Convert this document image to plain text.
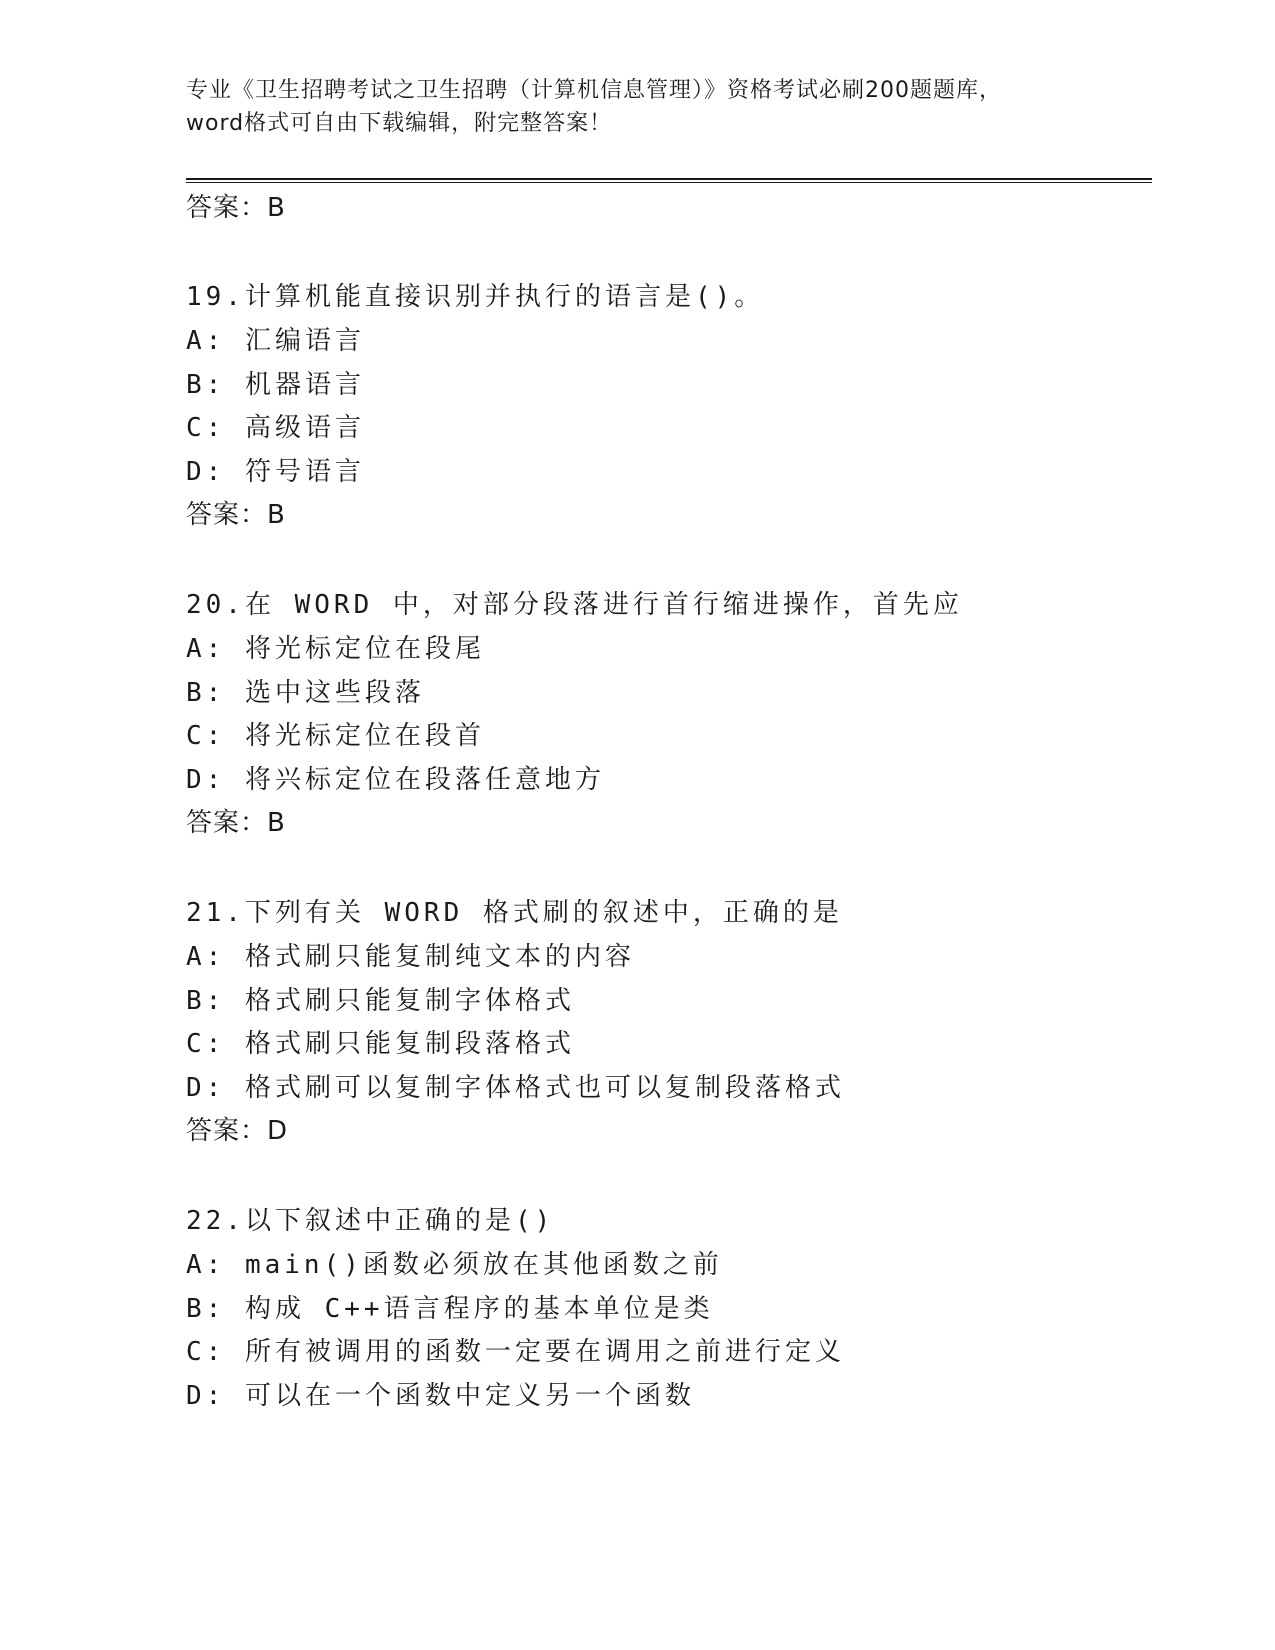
专业《卫生招聘考试之卫生招聘（计算机信息管理）》资格考试必刷200题题库，
word格式可自由下载编辑，附完整答案！
答案：B
19.计算机能直接识别并执行的语言是()。
A: 汇编语言
B: 机器语言
C: 高级语言
D: 符号语言
答案：B
20.在 WORD 中，对部分段落进行首行缩进操作，首先应
A: 将光标定位在段尾
B: 选中这些段落
C: 将光标定位在段首
D: 将兴标定位在段落任意地方
答案：B
21.下列有关 WORD 格式刷的叙述中，正确的是
A: 格式刷只能复制纯文本的内容
B: 格式刷只能复制字体格式
C: 格式刷只能复制段落格式
D: 格式刷可以复制字体格式也可以复制段落格式
答案：D
22.以下叙述中正确的是()
A: main()函数必须放在其他函数之前
B: 构成 C++语言程序的基本单位是类
C: 所有被调用的函数一定要在调用之前进行定义
D: 可以在一个函数中定义另一个函数
